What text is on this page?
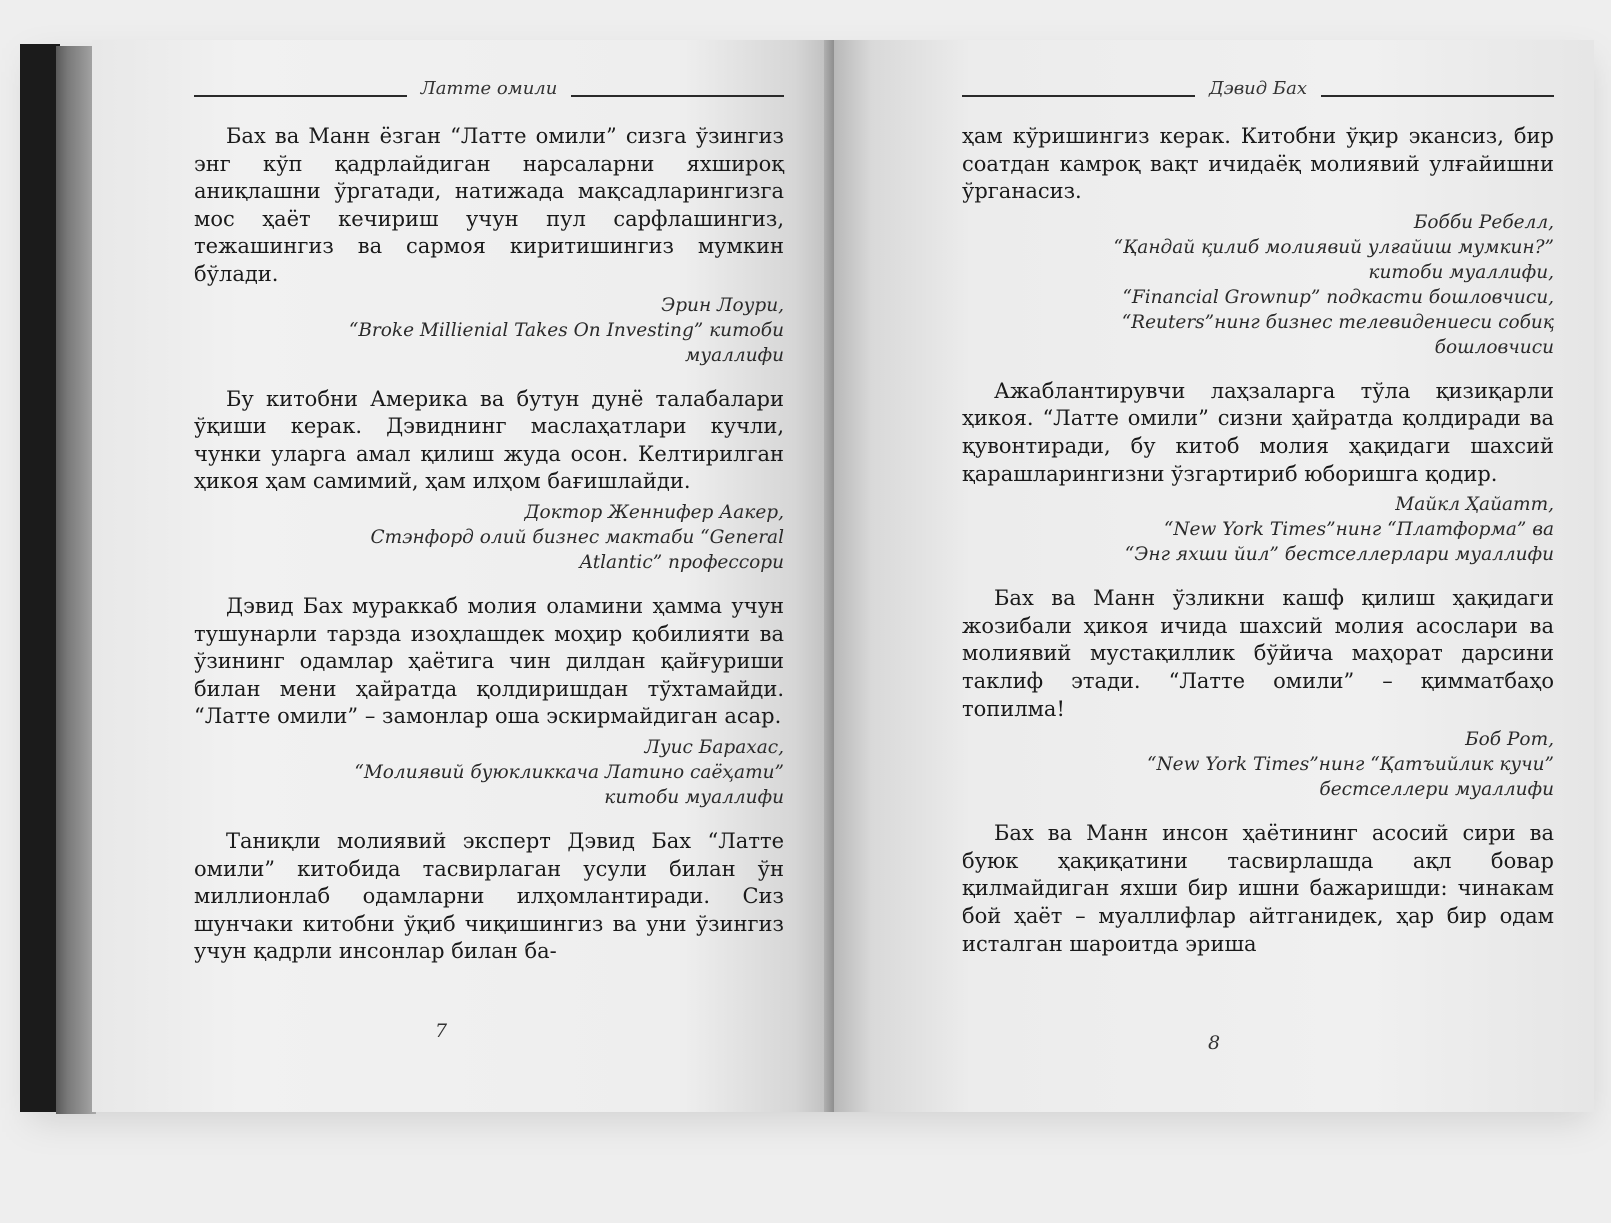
Латте омили

Бах ва Манн ёзган “Латте омили” сизга ўзингиз энг кўп қадрлайдиган нарсаларни яхшироқ аниқлашни ўргатади, натижада мақсадларингизга мос ҳаёт кечириш учун пул сарфлашингиз, тежашингиз ва сармоя киритишингиз мумкин бўлади.

Эрин Лоури,
“Broke Millienial Takes On Investing” китоби
муаллифи

Бу китобни Америка ва бутун дунё талабалари ўқиши керак. Дэвиднинг маслаҳатлари кучли, чунки уларга амал қилиш жуда осон. Келтирилган ҳикоя ҳам самимий, ҳам илҳом бағишлайди.

Доктор Женнифер Аакер,
Стэнфорд олий бизнес мактаби “General
Atlantic” профессори

Дэвид Бах мураккаб молия оламини ҳамма учун тушунарли тарзда изоҳлашдек моҳир қобилияти ва ўзининг одамлар ҳаётига чин дилдан қайғуриши билан мени ҳайратда қолдиришдан тўхтамайди. “Латте омили” – замонлар оша эскирмайдиган асар.

Луис Барахас,
“Молиявий буюкликкача Латино саёҳати”
китоби муаллифи

Таниқли молиявий эксперт Дэвид Бах “Латте омили” китобида тасвирлаган усули билан ўн миллионлаб одамларни илҳомлантиради. Сиз шунчаки китобни ўқиб чиқишингиз ва уни ўзингиз учун қадрли инсонлар билан ба-

7
Дэвид Бах

ҳам кўришингиз керак. Китобни ўқир экансиз, бир соатдан камроқ вақт ичидаёқ молиявий улғайишни ўрганасиз.

Бобби Ребелл,
“Қандай қилиб молиявий улғайиш мумкин?”
китоби муаллифи,
“Financial Grownup” подкасти бошловчиси,
“Reuters”нинг бизнес телевидениеси собиқ
бошловчиси

Ажаблантирувчи лаҳзаларга тўла қизиқарли ҳикоя. “Латте омили” сизни ҳайратда қолдиради ва қувонтиради, бу китоб молия ҳақидаги шахсий қарашларингизни ўзгартириб юборишга қодир.

Майкл Ҳайатт,
“New York Times”нинг “Платформа” ва
“Энг яхши йил” бестселлерлари муаллифи

Бах ва Манн ўзликни кашф қилиш ҳақидаги жозибали ҳикоя ичида шахсий молия асослари ва молиявий мустақиллик бўйича маҳорат дарсини таклиф этади. “Латте омили” – қимматбаҳо топилма!

Боб Рот,
“New York Times”нинг “Қатъийлик кучи”
бестселлери муаллифи

Бах ва Манн инсон ҳаётининг асосий сири ва буюк ҳақиқатини тасвирлашда ақл бовар қилмайдиган яхши бир ишни бажаришди: чинакам бой ҳаёт – муаллифлар айтганидек, ҳар бир одам исталган шароитда эриша

8
